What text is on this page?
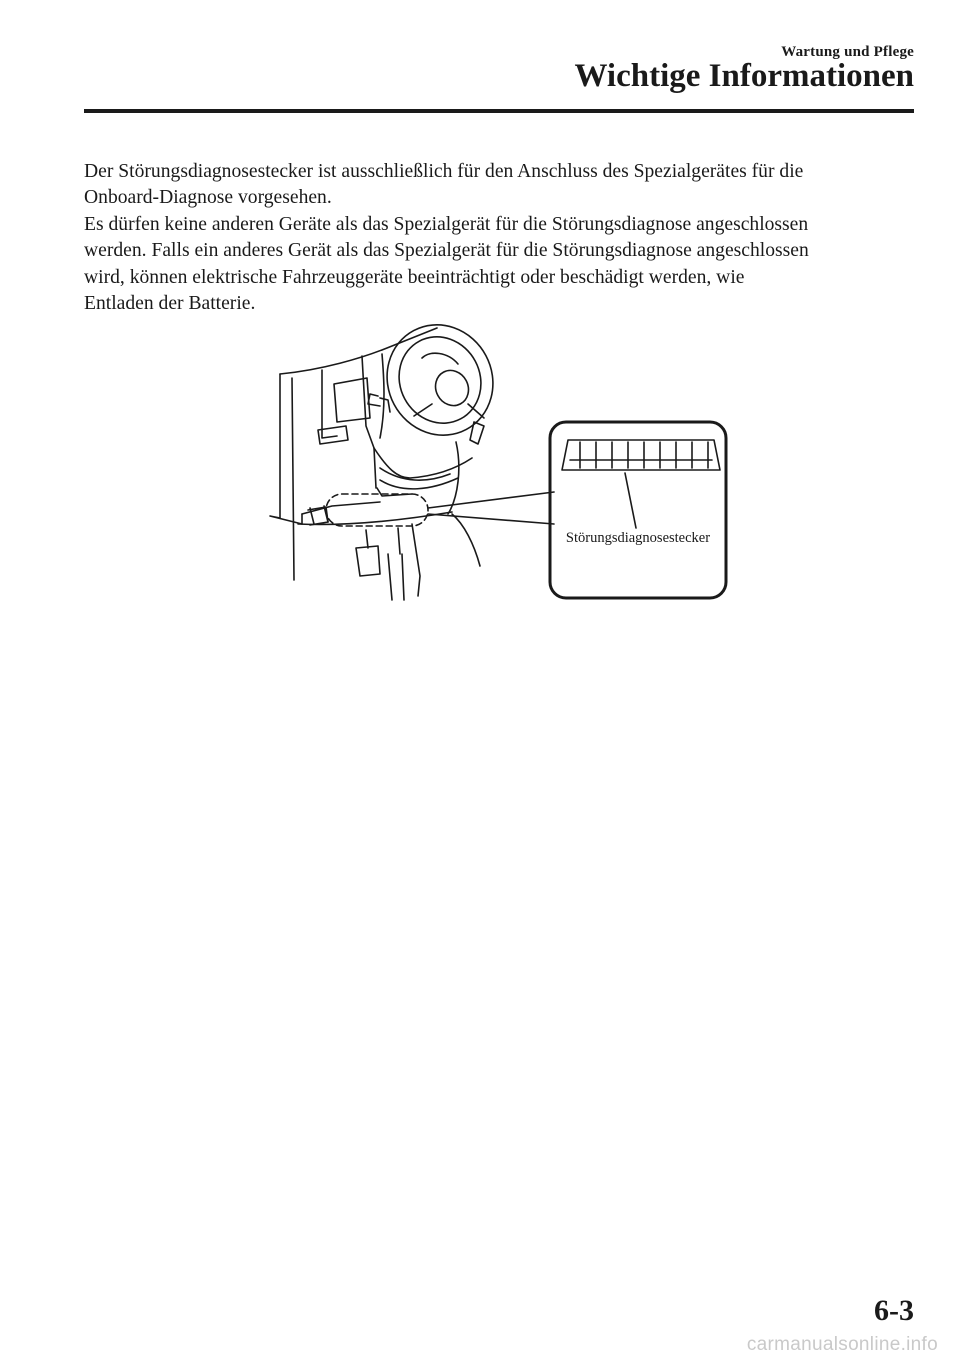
Wartung und Pflege
Wichtige Informationen

Der Störungsdiagnosestecker ist ausschließlich für den Anschluss des Spezialgerätes für die
Onboard-Diagnose vorgesehen.
Es dürfen keine anderen Geräte als das Spezialgerät für die Störungsdiagnose angeschlossen
werden. Falls ein anderes Gerät als das Spezialgerät für die Störungsdiagnose angeschlossen
wird, können elektrische Fahrzeuggeräte beeinträchtigt oder beschädigt werden, wie
Entladen der Batterie.

Störungsdiagnosestecker
6-3
carmanualsonline.info
